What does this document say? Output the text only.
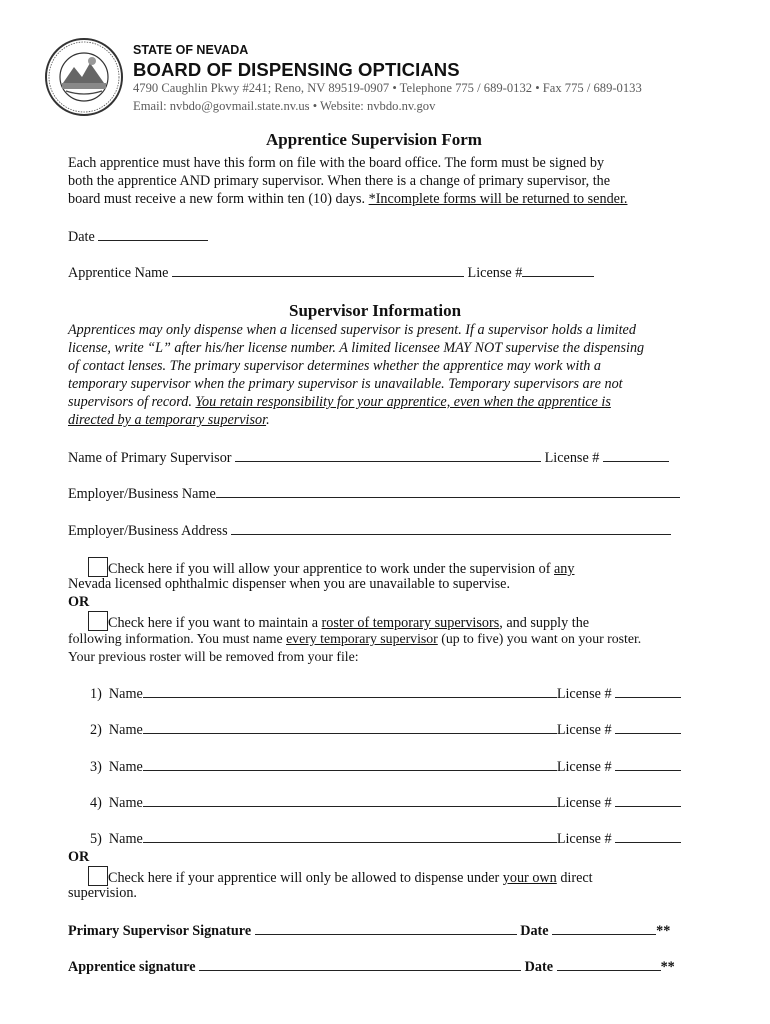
STATE OF NEVADA
BOARD OF DISPENSING OPTICIANS
4790 Caughlin Pkwy #241; Reno, NV 89519-0907 • Telephone 775 / 689-0132 • Fax 775 / 689-0133
Email: nvbdo@govmail.state.nv.us • Website: nvbdo.nv.gov
Apprentice Supervision Form
Each apprentice must have this form on file with the board office. The form must be signed by
both the apprentice AND primary supervisor. When there is a change of primary supervisor, the
board must receive a new form within ten (10) days. *Incomplete forms will be returned to sender.
Date
Apprentice Name	License #
Supervisor Information
Apprentices may only dispense when a licensed supervisor is present. If a supervisor holds a limited
license, write “L” after his/her license number. A limited licensee MAY NOT supervise the dispensing
of contact lenses. The primary supervisor determines whether the apprentice may work with a
temporary supervisor when the primary supervisor is unavailable. Temporary supervisors are not
supervisors of record. You retain responsibility for your apprentice, even when the apprentice is
directed by a temporary supervisor.
Name of Primary Supervisor	License #
Employer/Business Name
Employer/Business Address
Check here if you will allow your apprentice to work under the supervision of any
Nevada licensed ophthalmic dispenser when you are unavailable to supervise.
OR
Check here if you want to maintain a roster of temporary supervisors, and supply the
following information. You must name every temporary supervisor (up to five) you want on your roster.
Your previous roster will be removed from your file:
1) Name	License #
2) Name	License #
3) Name	License #
4) Name	License #
5) Name	License #
OR
Check here if your apprentice will only be allowed to dispense under your own direct
supervision.
Primary Supervisor Signature	Date	**
Apprentice signature	Date	**
